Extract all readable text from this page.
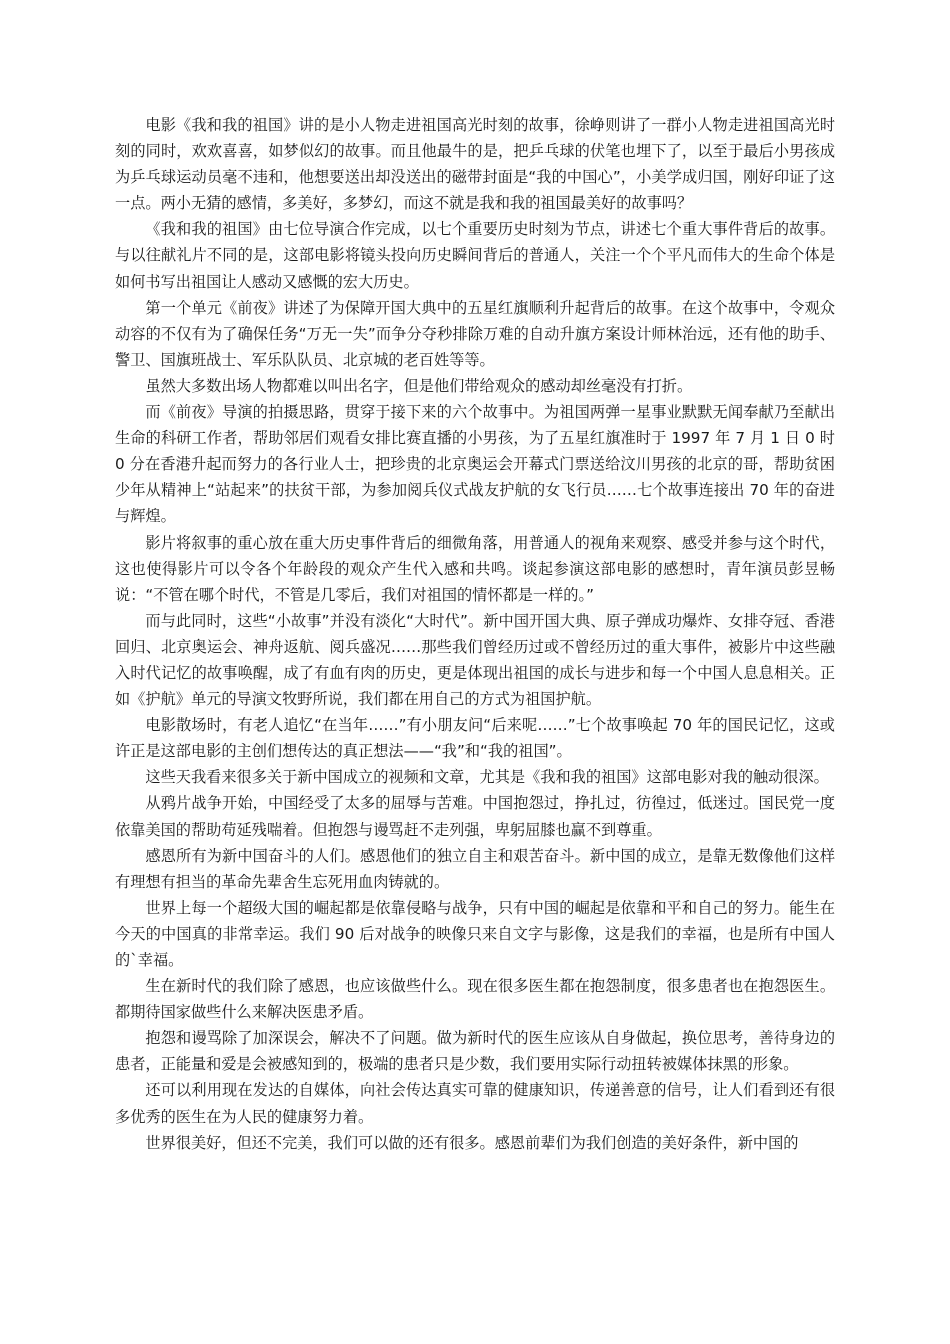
电影《我和我的祖国》讲的是小人物走进祖国高光时刻的故事，徐峥则讲了一群小人物走进祖国高光时刻的同时，欢欢喜喜，如梦似幻的故事。而且他最牛的是，把乒乓球的伏笔也埋下了，以至于最后小男孩成为乒乓球运动员毫不违和，他想要送出却没送出的磁带封面是“我的中国心”，小美学成归国，刚好印证了这一点。两小无猜的感情，多美好，多梦幻，而这不就是我和我的祖国最美好的故事吗？

《我和我的祖国》由七位导演合作完成，以七个重要历史时刻为节点，讲述七个重大事件背后的故事。与以往献礼片不同的是，这部电影将镜头投向历史瞬间背后的普通人，关注一个个平凡而伟大的生命个体是如何书写出祖国让人感动又感慨的宏大历史。

第一个单元《前夜》讲述了为保障开国大典中的五星红旗顺利升起背后的故事。在这个故事中，令观众动容的不仅有为了确保任务“万无一失”而争分夺秒排除万难的自动升旗方案设计师林治远，还有他的助手、警卫、国旗班战士、军乐队队员、北京城的老百姓等等。

虽然大多数出场人物都难以叫出名字，但是他们带给观众的感动却丝毫没有打折。

而《前夜》导演的拍摄思路，贯穿于接下来的六个故事中。为祖国两弹一星事业默默无闻奉献乃至献出生命的科研工作者，帮助邻居们观看女排比赛直播的小男孩，为了五星红旗准时于 1997 年 7 月 1 日 0 时 0 分在香港升起而努力的各行业人士，把珍贵的北京奥运会开幕式门票送给汶川男孩的北京的哥，帮助贫困少年从精神上“站起来”的扶贫干部，为参加阅兵仪式战友护航的女飞行员……七个故事连接出 70 年的奋进与辉煌。

影片将叙事的重心放在重大历史事件背后的细微角落，用普通人的视角来观察、感受并参与这个时代，这也使得影片可以令各个年龄段的观众产生代入感和共鸣。谈起参演这部电影的感想时，青年演员彭昱畅说：“不管在哪个时代，不管是几零后，我们对祖国的情怀都是一样的。”

而与此同时，这些“小故事”并没有淡化“大时代”。新中国开国大典、原子弹成功爆炸、女排夺冠、香港回归、北京奥运会、神舟返航、阅兵盛况……那些我们曾经历过或不曾经历过的重大事件，被影片中这些融入时代记忆的故事唤醒，成了有血有肉的历史，更是体现出祖国的成长与进步和每一个中国人息息相关。正如《护航》单元的导演文牧野所说，我们都在用自己的方式为祖国护航。

电影散场时，有老人追忆“在当年……”有小朋友问“后来呢……”七个故事唤起 70 年的国民记忆，这或许正是这部电影的主创们想传达的真正想法——“我”和“我的祖国”。

这些天我看来很多关于新中国成立的视频和文章，尤其是《我和我的祖国》这部电影对我的触动很深。

从鸦片战争开始，中国经受了太多的屈辱与苦难。中国抱怨过，挣扎过，彷徨过，低迷过。国民党一度依靠美国的帮助苟延残喘着。但抱怨与谩骂赶不走列强，卑躬屈膝也赢不到尊重。

感恩所有为新中国奋斗的人们。感恩他们的独立自主和艰苦奋斗。新中国的成立，是靠无数像他们这样有理想有担当的革命先辈舍生忘死用血肉铸就的。

世界上每一个超级大国的崛起都是依靠侵略与战争，只有中国的崛起是依靠和平和自己的努力。能生在今天的中国真的非常幸运。我们 90 后对战争的映像只来自文字与影像，这是我们的幸福，也是所有中国人的`幸福。

生在新时代的我们除了感恩，也应该做些什么。现在很多医生都在抱怨制度，很多患者也在抱怨医生。都期待国家做些什么来解决医患矛盾。

抱怨和谩骂除了加深误会，解决不了问题。做为新时代的医生应该从自身做起，换位思考，善待身边的患者，正能量和爱是会被感知到的，极端的患者只是少数，我们要用实际行动扭转被媒体抹黑的形象。

还可以利用现在发达的自媒体，向社会传达真实可靠的健康知识，传递善意的信号，让人们看到还有很多优秀的医生在为人民的健康努力着。

世界很美好，但还不完美，我们可以做的还有很多。感恩前辈们为我们创造的美好条件，新中国的
